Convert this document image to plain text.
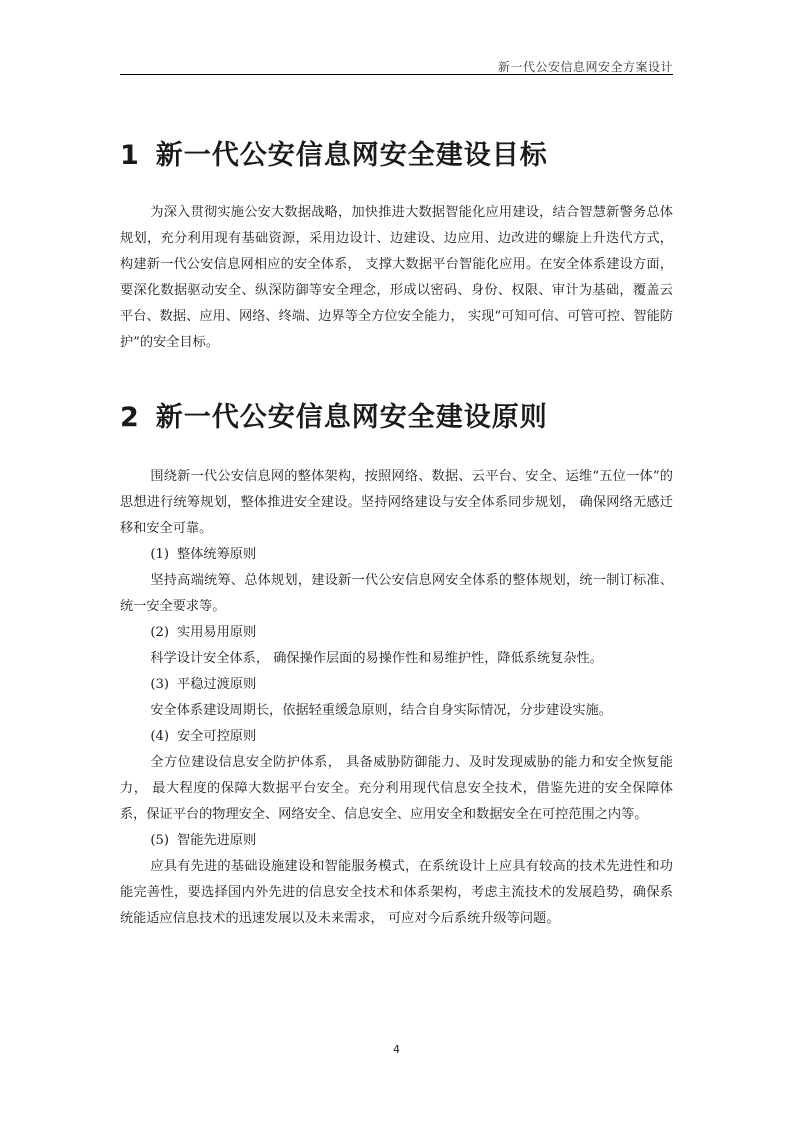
新一代公安信息网安全方案设计
1 新一代公安信息网安全建设目标

为深入贯彻实施公安大数据战略，加快推进大数据智能化应用建设，结合智慧新警务总体规划，充分利用现有基础资源，采用边设计、边建设、边应用、边改进的螺旋上升迭代方式， 构建新一代公安信息网相应的安全体系， 支撑大数据平台智能化应用。在安全体系建设方面，要深化数据驱动安全、纵深防御等安全理念，形成以密码、身份、权限、审计为基础，覆盖云平台、数据、应用、网络、终端、边界等全方位安全能力， 实现“可知可信、可管可控、智能防护”的安全目标。

2 新一代公安信息网安全建设原则

围绕新一代公安信息网的整体架构，按照网络、数据、云平台、安全、运维“五位一体”的思想进行统筹规划，整体推进安全建设。坚持网络建设与安全体系同步规划， 确保网络无感迁移和安全可靠。

(1) 整体统筹原则

坚持高端统筹、总体规划，建设新一代公安信息网安全体系的整体规划，统一制订标准、统一安全要求等。

(2) 实用易用原则

科学设计安全体系， 确保操作层面的易操作性和易维护性，降低系统复杂性。

(3) 平稳过渡原则

安全体系建设周期长，依据轻重缓急原则，结合自身实际情况，分步建设实施。

(4) 安全可控原则

全方位建设信息安全防护体系， 具备威胁防御能力、及时发现威胁的能力和安全恢复能力， 最大程度的保障大数据平台安全。充分利用现代信息安全技术，借鉴先进的安全保障体系，保证平台的物理安全、网络安全、信息安全、应用安全和数据安全在可控范围之内等。

(5) 智能先进原则

应具有先进的基础设施建设和智能服务模式，在系统设计上应具有较高的技术先进性和功能完善性，要选择国内外先进的信息安全技术和体系架构，考虑主流技术的发展趋势，确保系统能适应信息技术的迅速发展以及未来需求， 可应对今后系统升级等问题。

4
